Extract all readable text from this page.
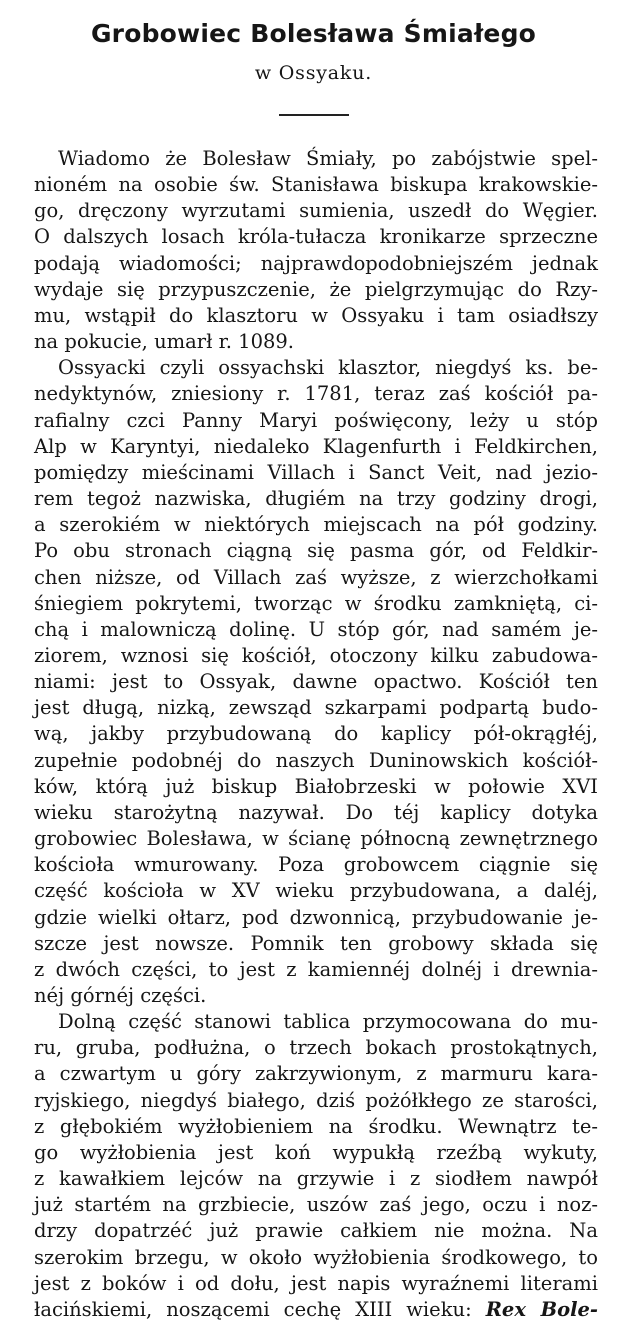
Grobowiec Bolesława Śmiałego
w Ossyaku.
Wiadomo że Bolesław Śmiały, po zabójstwie spel-
nioném na osobie św. Stanisława biskupa krakowskie-
go, dręczony wyrzutami sumienia, uszedł do Węgier.
O dalszych losach króla-tułacza kronikarze sprzeczne
podają wiadomości; najprawdopodobniejszém jednak
wydaje się przypuszczenie, że pielgrzymując do Rzy-
mu, wstąpił do klasztoru w Ossyaku i tam osiadłszy
na pokucie, umarł r. 1089.
Ossyacki czyli ossyachski klasztor, niegdyś ks. be-
nedyktynów, zniesiony r. 1781, teraz zaś kościół pa-
rafialny czci Panny Maryi poświęcony, leży u stóp
Alp w Karyntyi, niedaleko Klagenfurth i Feldkirchen,
pomiędzy mieścinami Villach i Sanct Veit, nad jezio-
rem tegoż nazwiska, długiém na trzy godziny drogi,
a szerokiém w niektórych miejscach na pół godziny.
Po obu stronach ciągną się pasma gór, od Feldkir-
chen niższe, od Villach zaś wyższe, z wierzchołkami
śniegiem pokrytemi, tworząc w środku zamkniętą, ci-
chą i malowniczą dolinę. U stóp gór, nad samém je-
ziorem, wznosi się kościół, otoczony kilku zabudowa-
niami: jest to Ossyak, dawne opactwo. Kościół ten
jest długą, nizką, zewsząd szkarpami podpartą budo-
wą, jakby przybudowaną do kaplicy pół-okrągłéj,
zupełnie podobnéj do naszych Duninowskich kościół-
ków, którą już biskup Białobrzeski w połowie XVI
wieku starożytną nazywał. Do téj kaplicy dotyka
grobowiec Bolesława, w ścianę północną zewnętrznego
kościoła wmurowany. Poza grobowcem ciągnie się
część kościoła w XV wieku przybudowana, a daléj,
gdzie wielki ołtarz, pod dzwonnicą, przybudowanie je-
szcze jest nowsze. Pomnik ten grobowy składa się
z dwóch części, to jest z kamiennéj dolnéj i drewnia-
néj górnéj części.
Dolną część stanowi tablica przymocowana do mu-
ru, gruba, podłużna, o trzech bokach prostokątnych,
a czwartym u góry zakrzywionym, z marmuru kara-
ryjskiego, niegdyś białego, dziś pożółkłego ze starości,
z głębokiém wyżłobieniem na środku. Wewnątrz te-
go wyżłobienia jest koń wypukłą rzeźbą wykuty,
z kawałkiem lejców na grzywie i z siodłem nawpół
już startém na grzbiecie, uszów zaś jego, oczu i noz-
drzy dopatrzéć już prawie całkiem nie można. Na
szerokim brzegu, w około wyżłobienia środkowego, to
jest z boków i od dołu, jest napis wyraźnemi literami
łacińskiemi, noszącemi cechę XIII wieku: Rex Bole-
